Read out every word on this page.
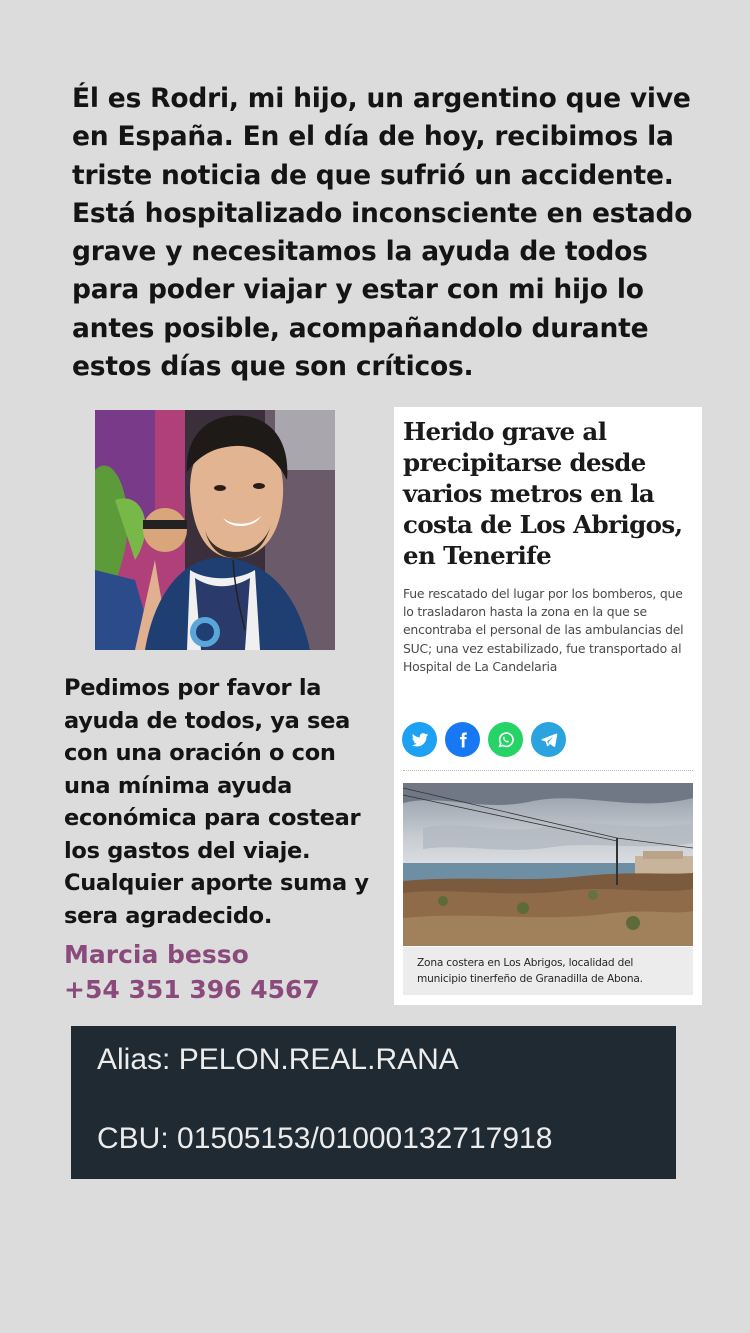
Él es Rodri, mi hijo, un argentino que vive en España. En el día de hoy, recibimos la triste noticia de que sufrió un accidente. Está hospitalizado inconsciente en estado grave y necesitamos la ayuda de todos para poder viajar y estar con mi hijo lo antes posible, acompañandolo durante estos días que son críticos.

Pedimos por favor la ayuda de todos, ya sea con una oración o con una mínima ayuda económica para costear los gastos del viaje. Cualquier aporte suma y sera agradecido.

Marcia besso
+54 351 396 4567
Herido grave al precipitarse desde varios metros en la costa de Los Abrigos, en Tenerife
Fue rescatado del lugar por los bomberos, que lo trasladaron hasta la zona en la que se encontraba el personal de las ambulancias del SUC; una vez estabilizado, fue transportado al Hospital de La Candelaria

Zona costera en Los Abrigos, localidad del municipio tinerfeño de Granadilla de Abona.

Alias: PELON.REAL.RANA
CBU: 01505153/01000132717918
